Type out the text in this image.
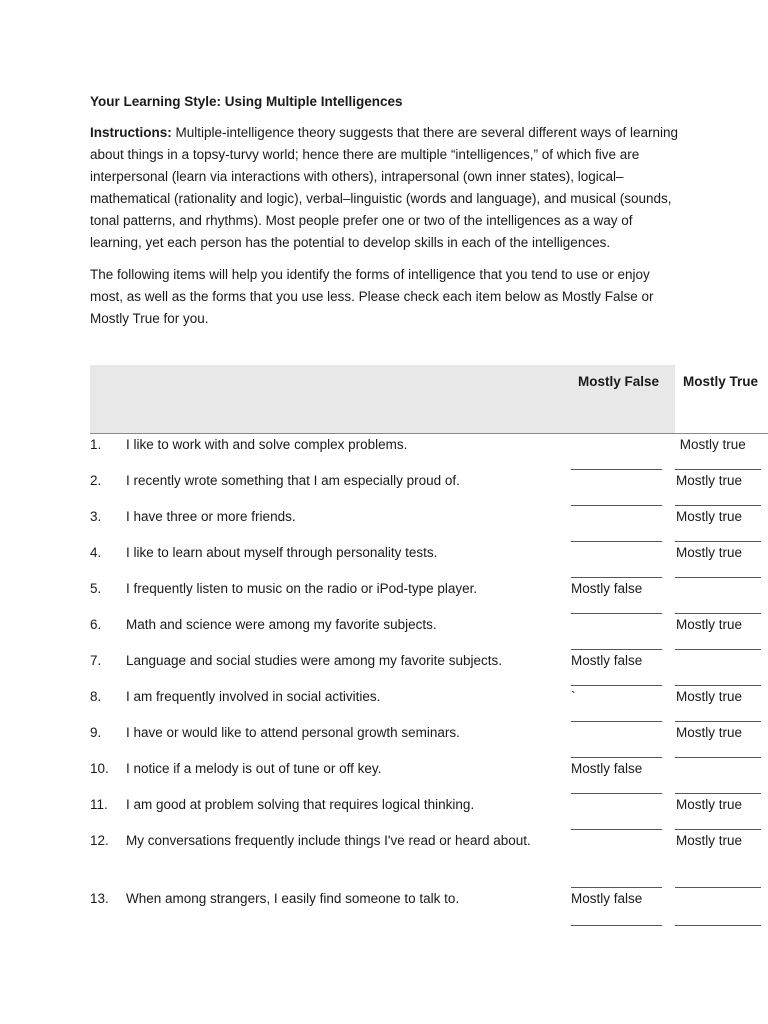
Your Learning Style: Using Multiple Intelligences
Instructions: Multiple-intelligence theory suggests that there are several different ways of learning about things in a topsy-turvy world; hence there are multiple “intelligences,” of which five are interpersonal (learn via interactions with others), intrapersonal (own inner states), logical–mathematical (rationality and logic), verbal–linguistic (words and language), and musical (sounds, tonal patterns, and rhythms). Most people prefer one or two of the intelligences as a way of learning, yet each person has the potential to develop skills in each of the intelligences.
The following items will help you identify the forms of intelligence that you tend to use or enjoy most, as well as the forms that you use less. Please check each item below as Mostly False or Mostly True for you.
Mostly False	Mostly True
1.	I like to work with and solve complex problems.	Mostly true
2.	I recently wrote something that I am especially proud of.	Mostly true
3.	I have three or more friends.	Mostly true
4.	I like to learn about myself through personality tests.	Mostly true
5.	I frequently listen to music on the radio or iPod-type player.	Mostly false
6.	Math and science were among my favorite subjects.	Mostly true
7.	Language and social studies were among my favorite subjects.	Mostly false
8.	I am frequently involved in social activities.	`	Mostly true
9.	I have or would like to attend personal growth seminars.	Mostly true
10.	I notice if a melody is out of tune or off key.	Mostly false
11.	I am good at problem solving that requires logical thinking.	Mostly true
12.	My conversations frequently include things I've read or heard about.	Mostly true
13.	When among strangers, I easily find someone to talk to.	Mostly false
